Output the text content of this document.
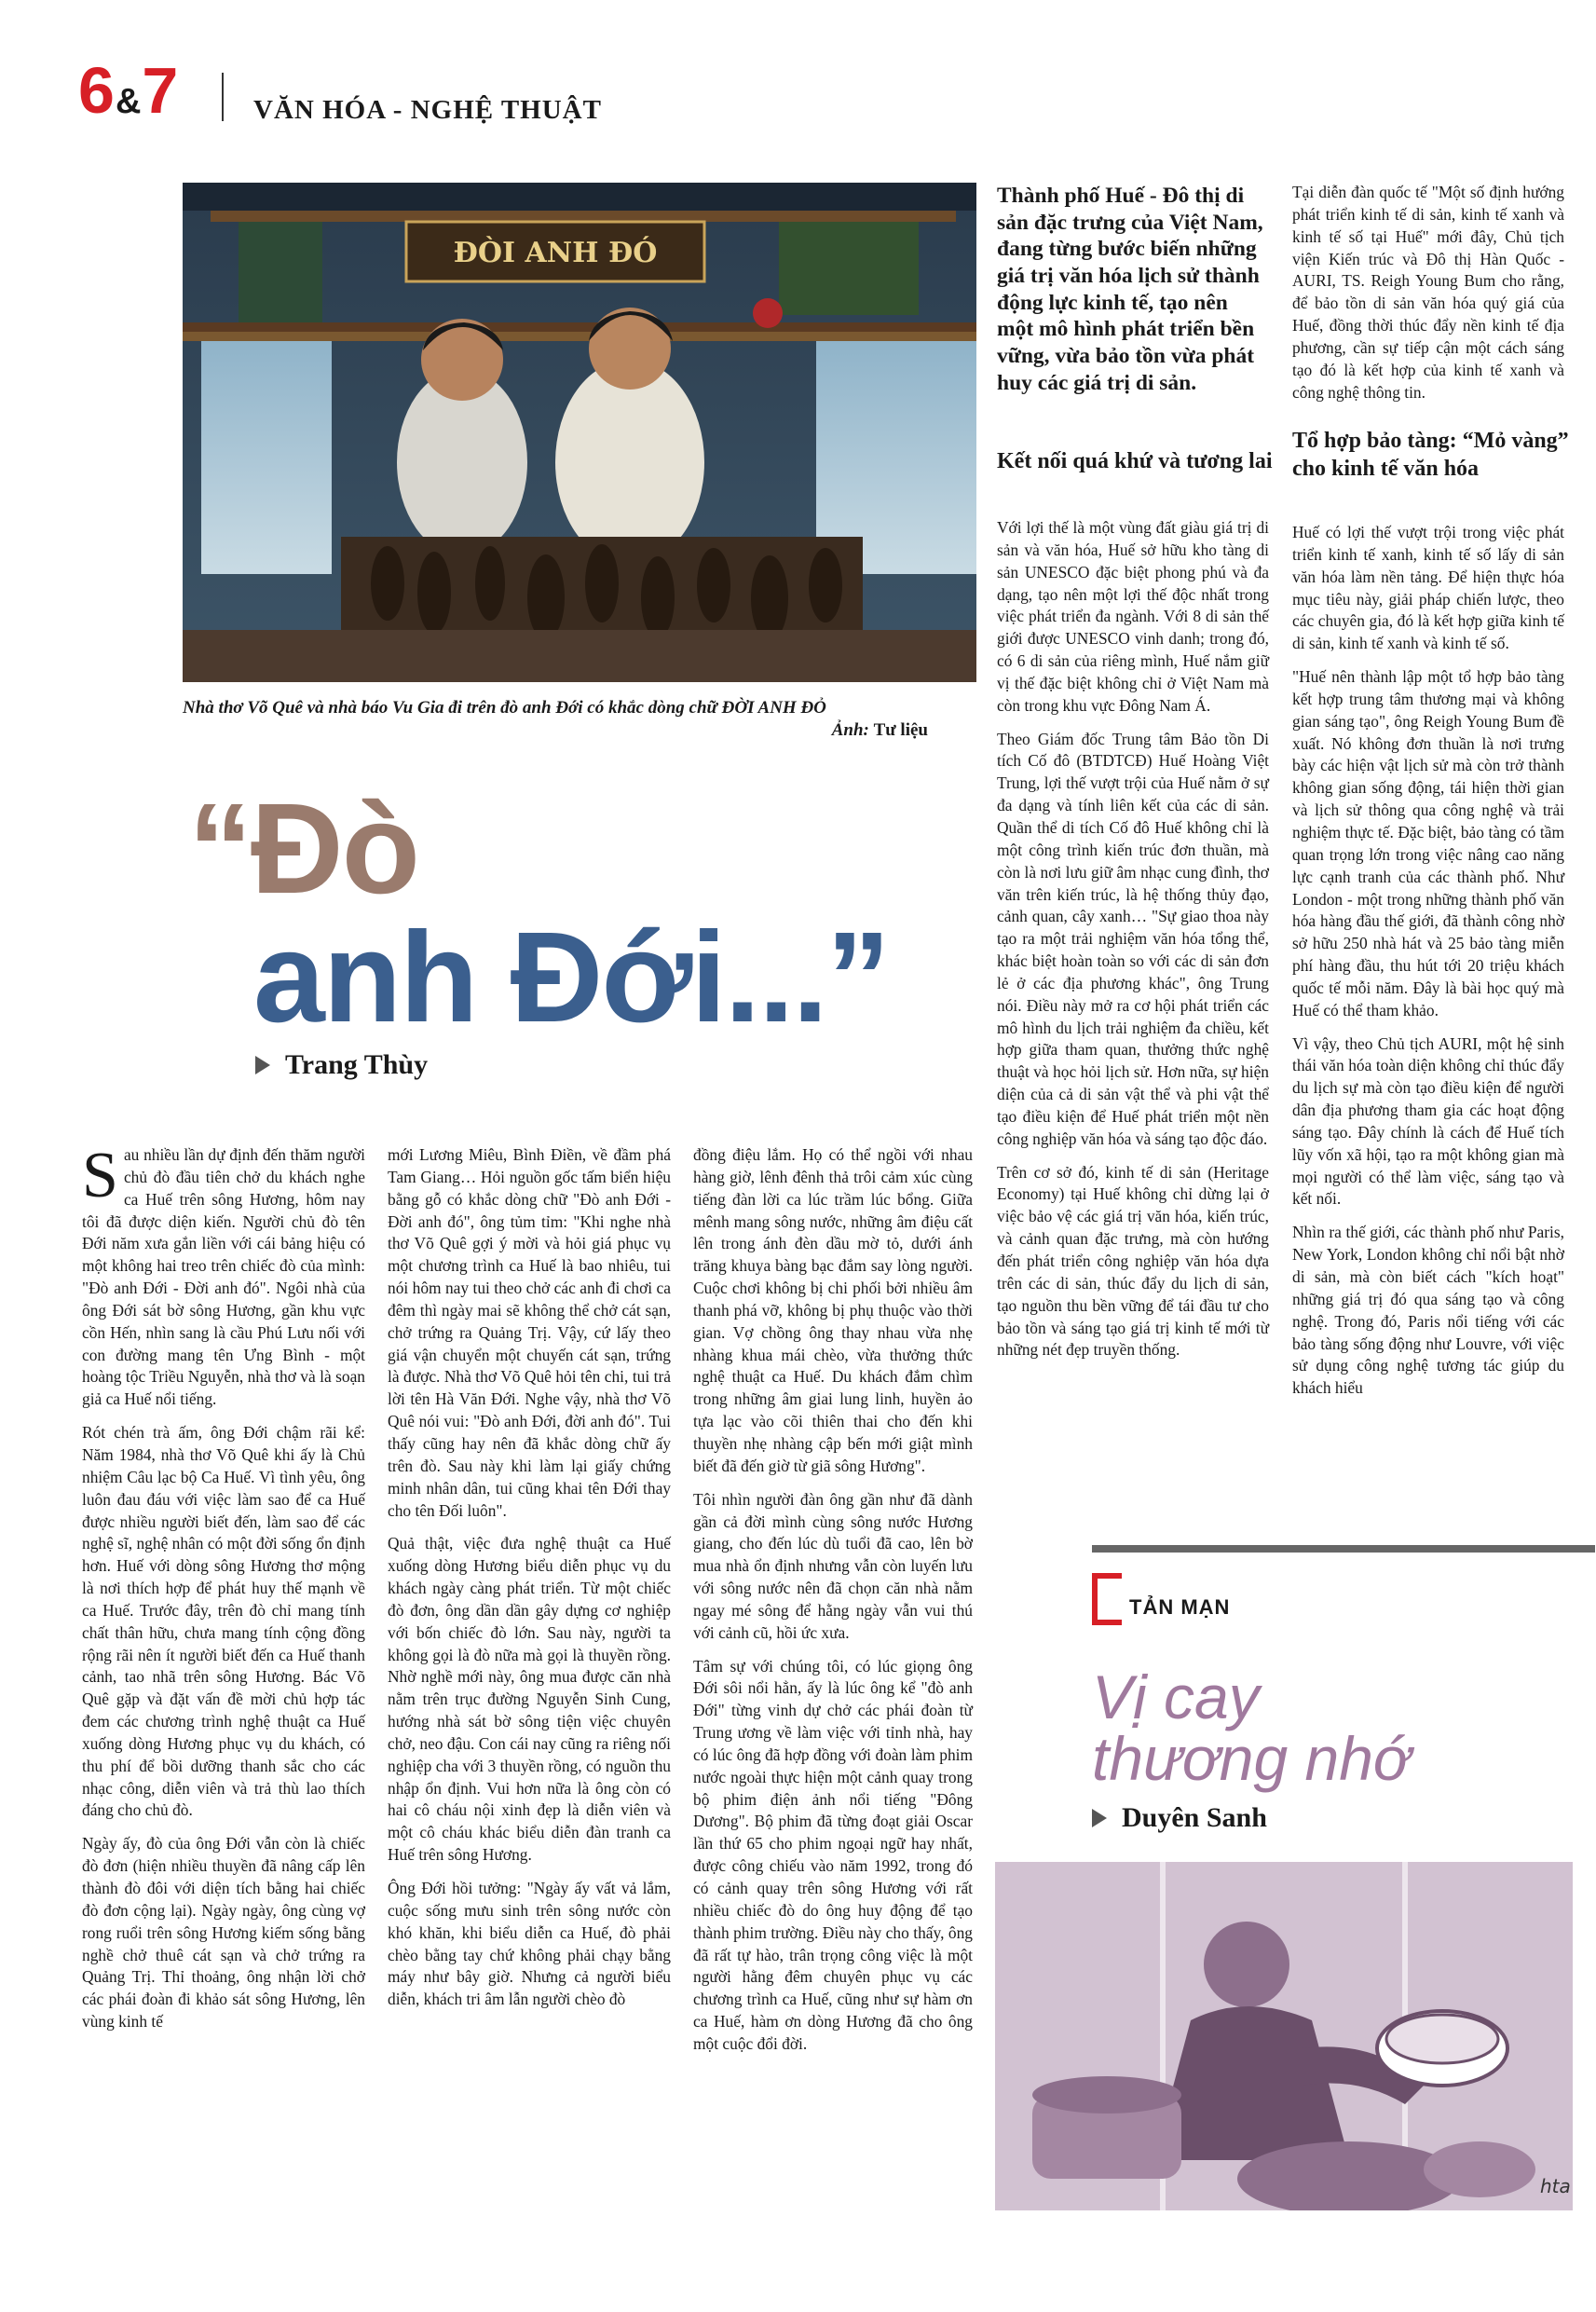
6&7	VĂN HÓA - NGHỆ THUẬT
ĐÒI ANH ĐÓ
Nhà thơ Võ Quê và nhà báo Vu Gia đi trên đò anh Đới có khắc dòng chữ ĐỜI ANH ĐỎ
Ảnh: Tư liệu
“Đò
anh Đới...”
Trang Thùy

Sau nhiều lần dự định đến thăm người chủ đò đầu tiên chở du khách nghe ca Huế trên sông Hương, hôm nay tôi đã được diện kiến. Người chủ đò tên Đới năm xưa gắn liền với cái bảng hiệu có một không hai treo trên chiếc đò của mình: "Đò anh Đới - Đời anh đó". Ngôi nhà của ông Đới sát bờ sông Hương, gần khu vực cồn Hến, nhìn sang là cầu Phú Lưu nối với con đường mang tên Ưng Bình - một hoàng tộc Triều Nguyễn, nhà thơ và là soạn giả ca Huế nổi tiếng.

Rót chén trà ấm, ông Đới chậm rãi kể: Năm 1984, nhà thơ Võ Quê khi ấy là Chủ nhiệm Câu lạc bộ Ca Huế. Vì tình yêu, ông luôn đau đáu với việc làm sao để ca Huế được nhiều người biết đến, làm sao để các nghệ sĩ, nghệ nhân có một đời sống ổn định hơn. Huế với dòng sông Hương thơ mộng là nơi thích hợp để phát huy thế mạnh về ca Huế. Trước đây, trên đò chỉ mang tính chất thân hữu, chưa mang tính cộng đồng rộng rãi nên ít người biết đến ca Huế thanh cảnh, tao nhã trên sông Hương. Bác Võ Quê gặp và đặt vấn đề mời chủ hợp tác đem các chương trình nghệ thuật ca Huế xuống dòng Hương phục vụ du khách, có thu phí để bồi dưỡng thanh sắc cho các nhạc công, diễn viên và trả thù lao thích đáng cho chủ đò.

Ngày ấy, đò của ông Đới vẫn còn là chiếc đò đơn (hiện nhiều thuyền đã nâng cấp lên thành đò đôi với diện tích bằng hai chiếc đò đơn cộng lại). Ngày ngày, ông cùng vợ rong ruổi trên sông Hương kiếm sống bằng nghề chở thuê cát sạn và chở trứng ra Quảng Trị. Thỉ thoảng, ông nhận lời chở các phái đoàn đi khảo sát sông Hương, lên vùng kinh tế

mới Lương Miêu, Bình Điền, về đầm phá Tam Giang… Hỏi nguồn gốc tấm biển hiệu bằng gỗ có khắc dòng chữ "Đò anh Đới - Đời anh đó", ông tủm tỉm: "Khi nghe nhà thơ Võ Quê gợi ý mời và hỏi giá phục vụ một chương trình ca Huế là bao nhiêu, tui nói hôm nay tui theo chở các anh đi chơi ca đêm thì ngày mai sẽ không thể chở cát sạn, chở trứng ra Quảng Trị. Vậy, cứ lấy theo giá vận chuyển một chuyến cát sạn, trứng là được. Nhà thơ Võ Quê hỏi tên chi, tui trả lời tên Hà Văn Đới. Nghe vậy, nhà thơ Võ Quê nói vui: "Đò anh Đới, đời anh đó". Tui thấy cũng hay nên đã khắc dòng chữ ấy trên đò. Sau này khi làm lại giấy chứng minh nhân dân, tui cũng khai tên Đới thay cho tên Đối luôn".

Quả thật, việc đưa nghệ thuật ca Huế xuống dòng Hương biểu diễn phục vụ du khách ngày càng phát triển. Từ một chiếc đò đơn, ông dần dần gây dựng cơ nghiệp với bốn chiếc đò lớn. Sau này, người ta không gọi là đò nữa mà gọi là thuyền rồng. Nhờ nghề mới này, ông mua được căn nhà nằm trên trục đường Nguyễn Sinh Cung, hướng nhà sát bờ sông tiện việc chuyên chở, neo đậu. Con cái nay cũng ra riêng nối nghiệp cha với 3 thuyền rồng, có nguồn thu nhập ổn định. Vui hơn nữa là ông còn có hai cô cháu nội xinh đẹp là diễn viên và một cô cháu khác biểu diễn đàn tranh ca Huế trên sông Hương.

Ông Đới hồi tưởng: "Ngày ấy vất vả lắm, cuộc sống mưu sinh trên sông nước còn khó khăn, khi biểu diễn ca Huế, đò phải chèo bằng tay chứ không phải chạy bằng máy như bây giờ. Nhưng cả người biểu diễn, khách tri âm lẫn người chèo đò

đồng điệu lắm. Họ có thể ngồi với nhau hàng giờ, lênh đênh thả trôi cảm xúc cùng tiếng đàn lời ca lúc trầm lúc bổng. Giữa mênh mang sông nước, những âm điệu cất lên trong ánh đèn dầu mờ tỏ, dưới ánh trăng khuya bàng bạc đắm say lòng người. Cuộc chơi không bị chi phối bởi nhiều âm thanh phá vỡ, không bị phụ thuộc vào thời gian. Vợ chồng ông thay nhau vừa nhẹ nhàng khua mái chèo, vừa thưởng thức nghệ thuật ca Huế. Du khách đắm chìm trong những âm giai lung linh, huyền ảo tựa lạc vào cõi thiên thai cho đến khi thuyền nhẹ nhàng cập bến mới giật mình biết đã đến giờ từ giã sông Hương".

Tôi nhìn người đàn ông gần như đã dành gần cả đời mình cùng sông nước Hương giang, cho đến lúc dù tuổi đã cao, lên bờ mua nhà ổn định nhưng vẫn còn luyến lưu với sông nước nên đã chọn căn nhà nằm ngay mé sông để hằng ngày vẫn vui thú với cảnh cũ, hồi ức xưa.

Tâm sự với chúng tôi, có lúc giọng ông Đới sôi nổi hẳn, ấy là lúc ông kể "đò anh Đới" từng vinh dự chở các phái đoàn từ Trung ương về làm việc với tỉnh nhà, hay có lúc ông đã hợp đồng với đoàn làm phim nước ngoài thực hiện một cảnh quay trong bộ phim điện ảnh nổi tiếng "Đông Dương". Bộ phim đã từng đoạt giải Oscar lần thứ 65 cho phim ngoại ngữ hay nhất, được công chiếu vào năm 1992, trong đó có cảnh quay trên sông Hương với rất nhiều chiếc đò do ông huy động để tạo thành phim trường. Điều này cho thấy, ông đã rất tự hào, trân trọng công việc là một người hằng đêm chuyên phục vụ các chương trình ca Huế, cũng như sự hàm ơn ca Huế, hàm ơn dòng Hương đã cho ông một cuộc đổi đời.

Thành phố Huế - Đô thị di sản đặc trưng của Việt Nam, đang từng bước biến những giá trị văn hóa lịch sử thành động lực kinh tế, tạo nên một mô hình phát triển bền vững, vừa bảo tồn vừa phát huy các giá trị di sản.
Kết nối quá khứ và tương lai

Với lợi thế là một vùng đất giàu giá trị di sản và văn hóa, Huế sở hữu kho tàng di sản UNESCO đặc biệt phong phú và đa dạng, tạo nên một lợi thế độc nhất trong việc phát triển đa ngành. Với 8 di sản thế giới được UNESCO vinh danh; trong đó, có 6 di sản của riêng mình, Huế nắm giữ vị thế đặc biệt không chỉ ở Việt Nam mà còn trong khu vực Đông Nam Á.

Theo Giám đốc Trung tâm Bảo tồn Di tích Cố đô (BTDTCĐ) Huế Hoàng Việt Trung, lợi thế vượt trội của Huế nằm ở sự đa dạng và tính liên kết của các di sản. Quần thể di tích Cố đô Huế không chỉ là một công trình kiến trúc đơn thuần, mà còn là nơi lưu giữ âm nhạc cung đình, thơ văn trên kiến trúc, là hệ thống thủy đạo, cảnh quan, cây xanh… "Sự giao thoa này tạo ra một trải nghiệm văn hóa tổng thể, khác biệt hoàn toàn so với các di sản đơn lẻ ở các địa phương khác", ông Trung nói. Điều này mở ra cơ hội phát triển các mô hình du lịch trải nghiệm đa chiều, kết hợp giữa tham quan, thưởng thức nghệ thuật và học hỏi lịch sử. Hơn nữa, sự hiện diện của cả di sản vật thể và phi vật thể tạo điều kiện để Huế phát triển một nền công nghiệp văn hóa và sáng tạo độc đáo.

Trên cơ sở đó, kinh tế di sản (Heritage Economy) tại Huế không chỉ dừng lại ở việc bảo vệ các giá trị văn hóa, kiến trúc, và cảnh quan đặc trưng, mà còn hướng đến phát triển công nghiệp văn hóa dựa trên các di sản, thúc đẩy du lịch di sản, tạo nguồn thu bền vững để tái đầu tư cho bảo tồn và sáng tạo giá trị kinh tế mới từ những nét đẹp truyền thống.

Tại diễn đàn quốc tế "Một số định hướng phát triển kinh tế di sản, kinh tế xanh và kinh tế số tại Huế" mới đây, Chủ tịch viện Kiến trúc và Đô thị Hàn Quốc - AURI, TS. Reigh Young Bum cho rằng, để bảo tồn di sản văn hóa quý giá của Huế, đồng thời thúc đẩy nền kinh tế địa phương, cần sự tiếp cận một cách sáng tạo đó là kết hợp của kinh tế xanh và công nghệ thông tin.

Tổ hợp bảo tàng: “Mỏ vàng” cho kinh tế văn hóa

Huế có lợi thế vượt trội trong việc phát triển kinh tế xanh, kinh tế số lấy di sản văn hóa làm nền tảng. Để hiện thực hóa mục tiêu này, giải pháp chiến lược, theo các chuyên gia, đó là kết hợp giữa kinh tế di sản, kinh tế xanh và kinh tế số.

"Huế nên thành lập một tổ hợp bảo tàng kết hợp trung tâm thương mại và không gian sáng tạo", ông Reigh Young Bum đề xuất. Nó không đơn thuần là nơi trưng bày các hiện vật lịch sử mà còn trở thành không gian sống động, tái hiện thời gian và lịch sử thông qua công nghệ và trải nghiệm thực tế. Đặc biệt, bảo tàng có tầm quan trọng lớn trong việc nâng cao năng lực cạnh tranh của các thành phố. Như London - một trong những thành phố văn hóa hàng đầu thế giới, đã thành công nhờ sở hữu 250 nhà hát và 25 bảo tàng miễn phí hàng đầu, thu hút tới 20 triệu khách quốc tế mỗi năm. Đây là bài học quý mà Huế có thể tham khảo.

Vì vậy, theo Chủ tịch AURI, một hệ sinh thái văn hóa toàn diện không chỉ thúc đẩy du lịch sự mà còn tạo điều kiện để người dân địa phương tham gia các hoạt động sáng tạo. Đây chính là cách để Huế tích lũy vốn xã hội, tạo ra một không gian mà mọi người có thể làm việc, sáng tạo và kết nối.

Nhìn ra thế giới, các thành phố như Paris, New York, London không chỉ nổi bật nhờ di sản, mà còn biết cách "kích hoạt" những giá trị đó qua sáng tạo và công nghệ. Trong đó, Paris nổi tiếng với các bảo tàng sống động như Louvre, với việc sử dụng công nghệ tương tác giúp du khách hiểu

TẢN MẠN
Vị cay thương nhớ
Duyên Sanh
hta
